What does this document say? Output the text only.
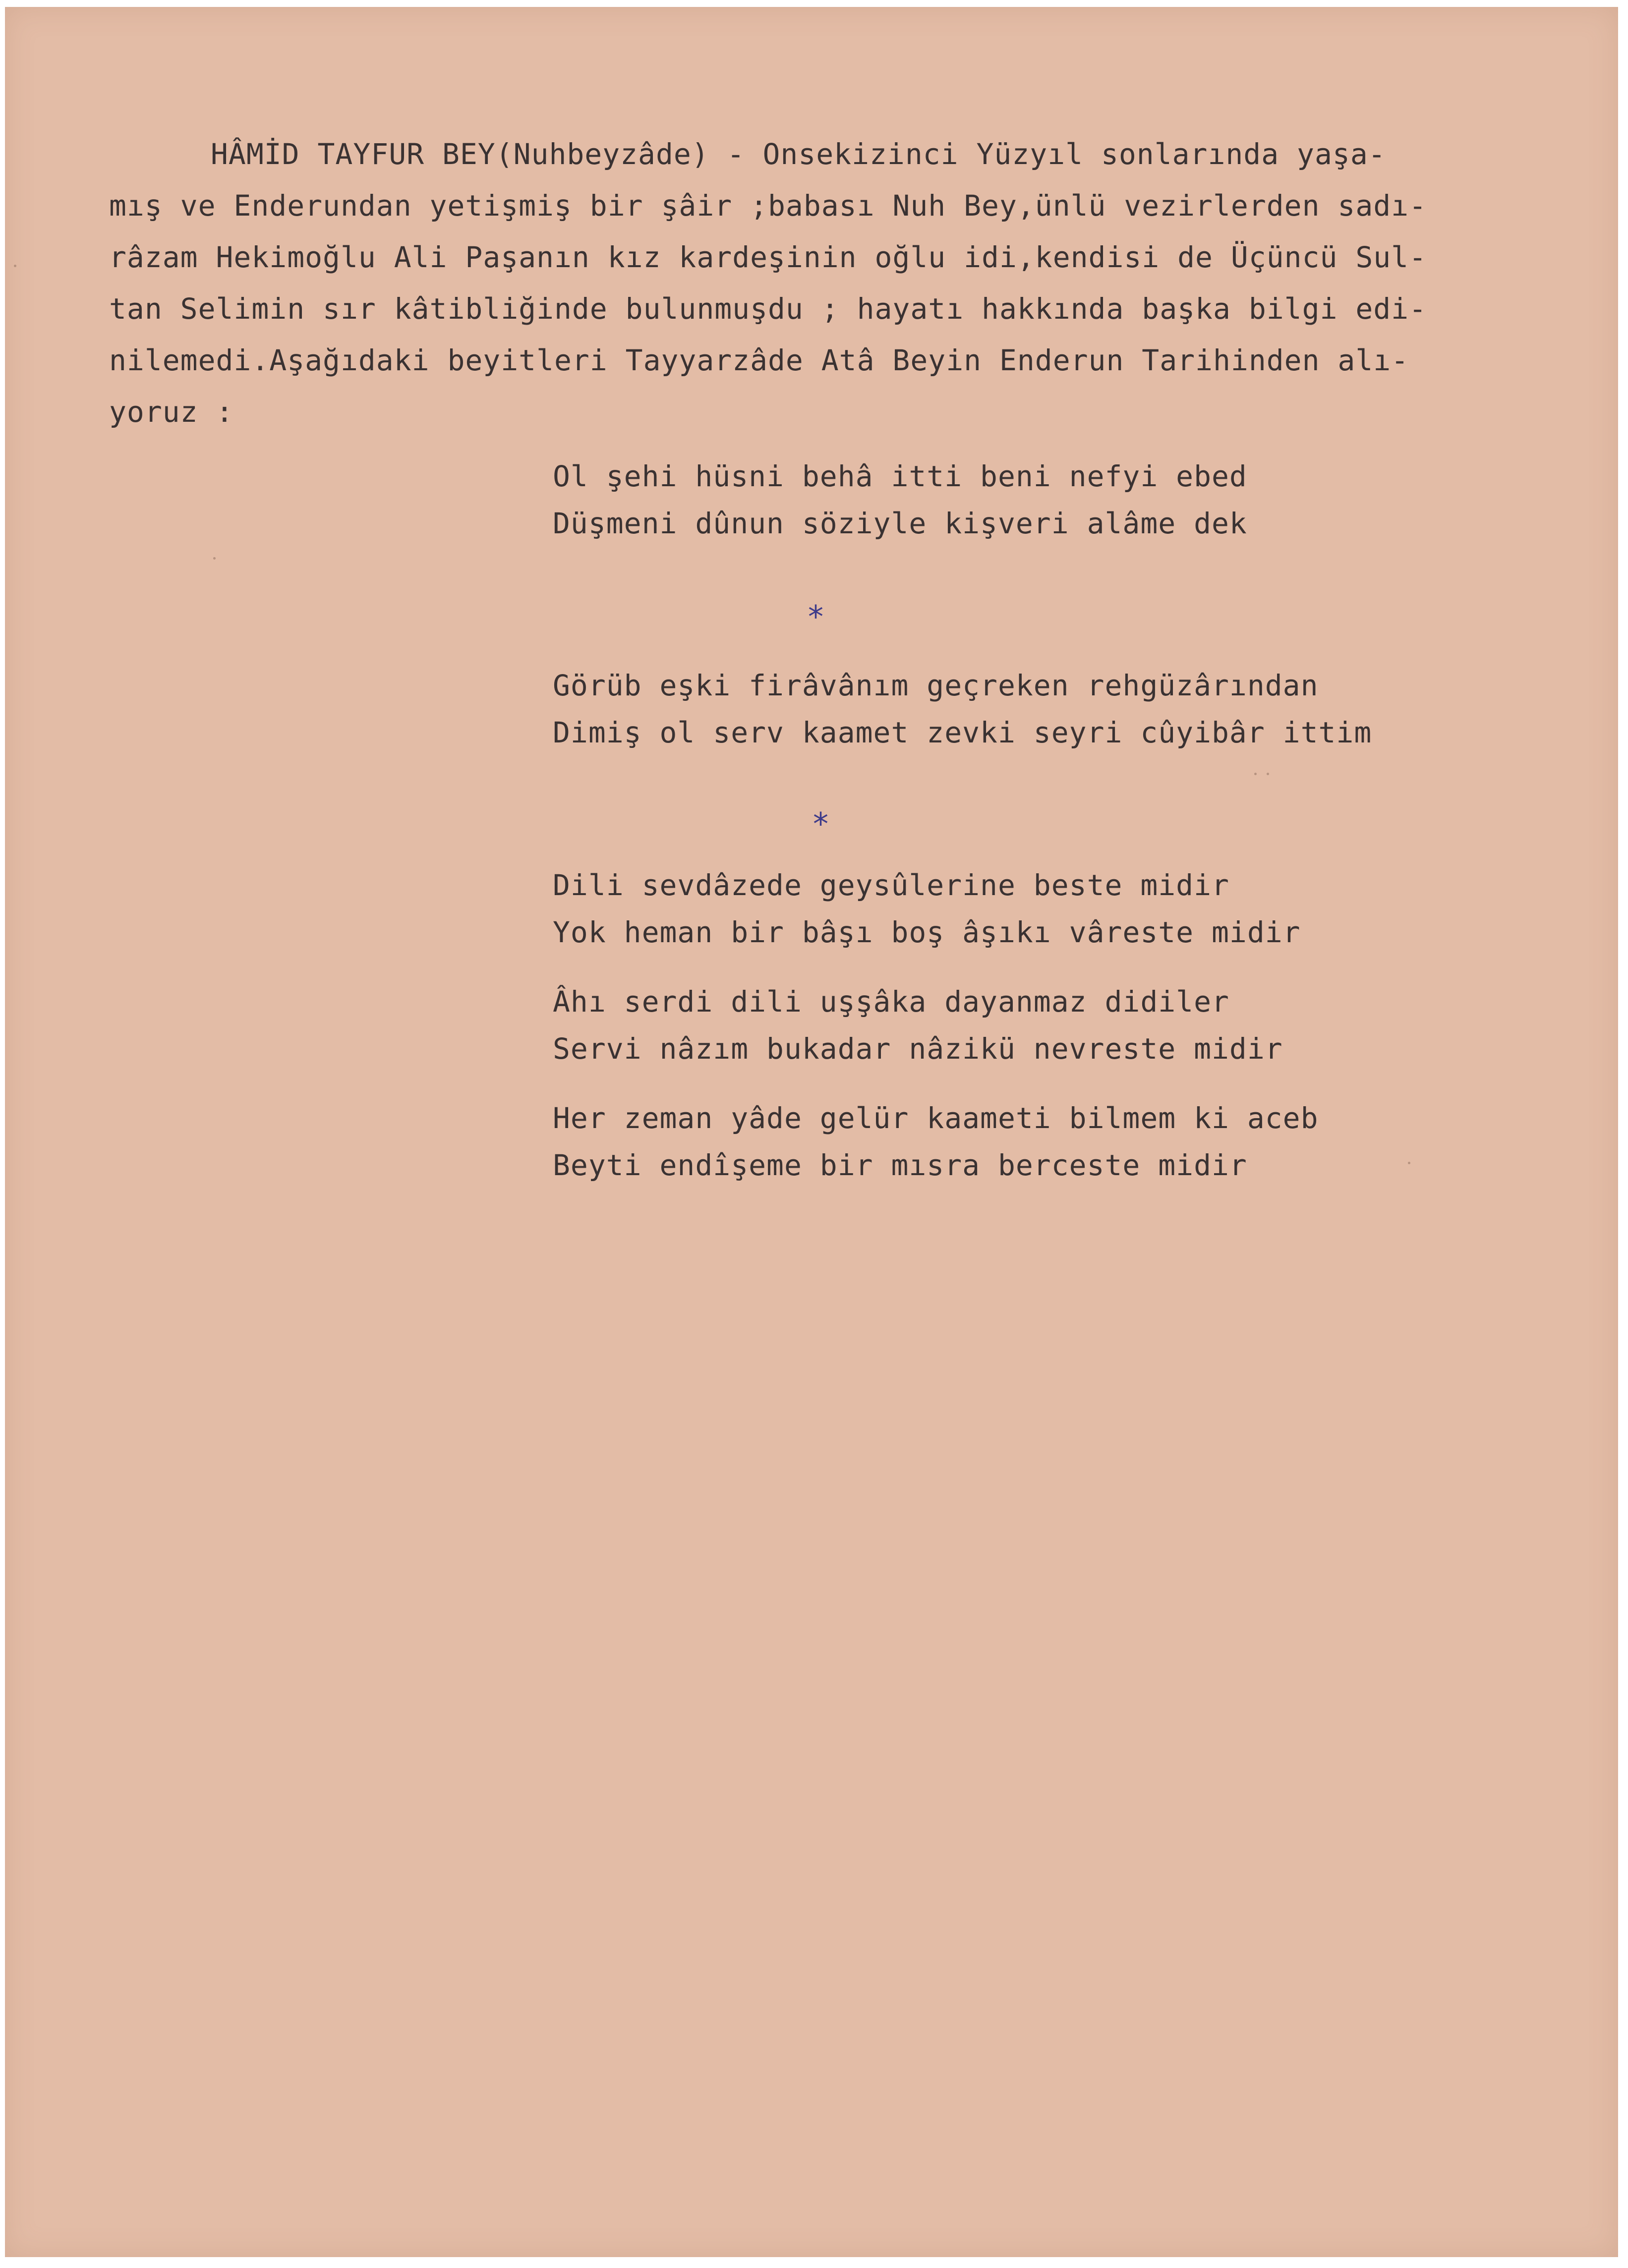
HÂMİD TAYFUR BEY(Nuhbeyzâde) - Onsekizinci Yüzyıl sonlarında yaşa-
mış ve Enderundan yetişmiş bir şâir ;babası Nuh Bey,ünlü vezirlerden sadı-
râzam Hekimoğlu Ali Paşanın kız kardeşinin oğlu idi,kendisi de Üçüncü Sul-
tan Selimin sır kâtibliğinde bulunmuşdu ; hayatı hakkında başka bilgi edi-
nilemedi.Aşağıdaki beyitleri Tayyarzâde Atâ Beyin Enderun Tarihinden alı-
yoruz :
Ol şehi hüsni behâ itti beni nefyi ebed
Düşmeni dûnun söziyle kişveri alâme dek
*
Görüb eşki firâvânım geçreken rehgüzârından
Dimiş ol serv kaamet zevki seyri cûyibâr ittim
*
Dili sevdâzede geysûlerine beste midir
Yok heman bir bâşı boş âşıkı vâreste midir
Âhı serdi dili uşşâka dayanmaz didiler
Servi nâzım bukadar nâzikü nevreste midir
Her zeman yâde gelür kaameti bilmem ki aceb
Beyti endîşeme bir mısra berceste midir
